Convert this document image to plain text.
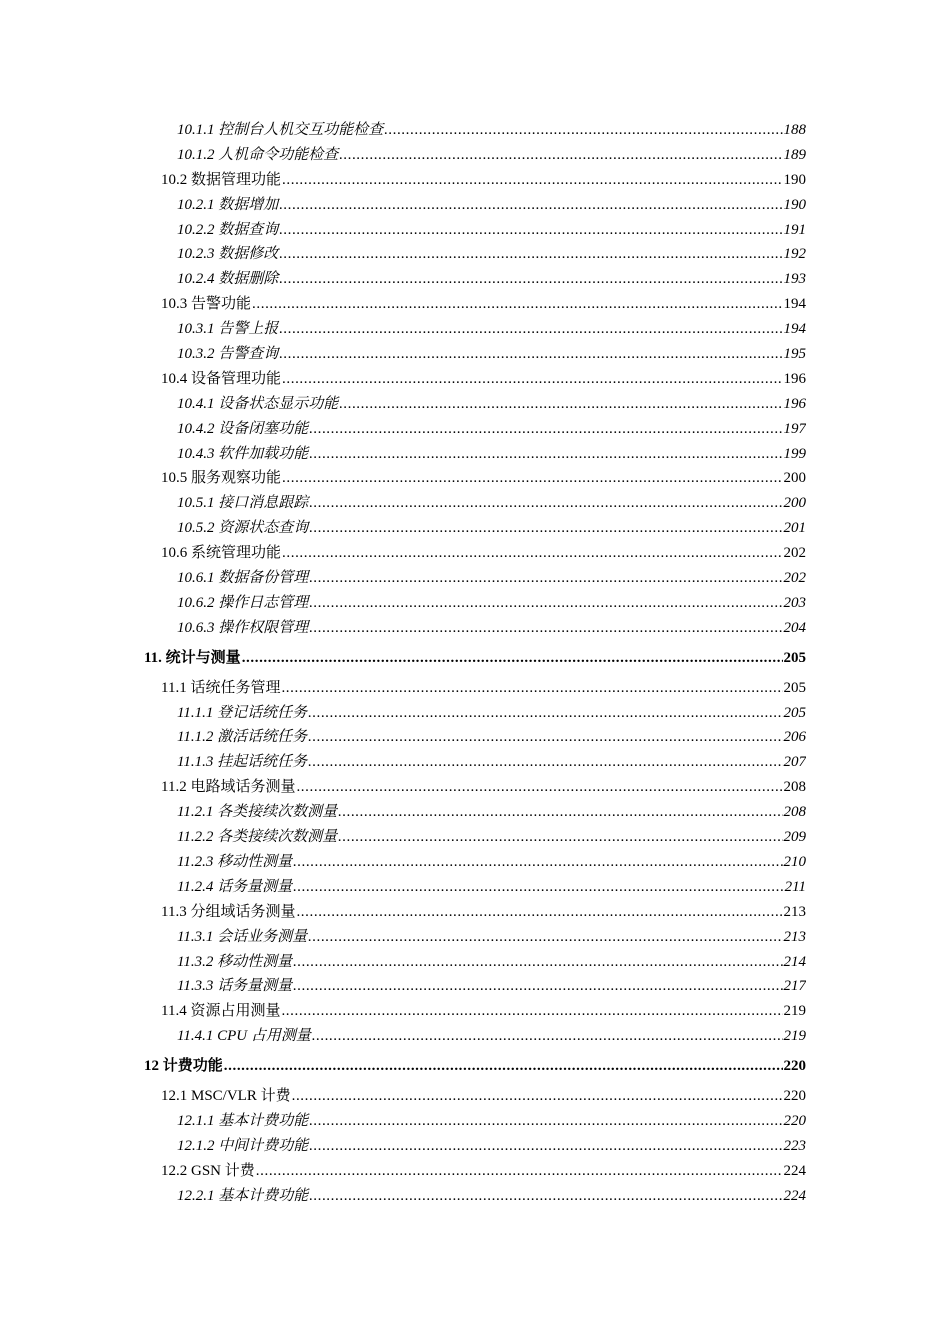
10.1.1 控制台人机交互功能检查 .....	188
10.1.2 人机命令功能检查 .....	189
10.2 数据管理功能 .....	190
10.2.1 数据增加 .....	190
10.2.2 数据查询 .....	191
10.2.3 数据修改 .....	192
10.2.4 数据删除 .....	193
10.3 告警功能 .....	194
10.3.1 告警上报 .....	194
10.3.2 告警查询 .....	195
10.4 设备管理功能 .....	196
10.4.1 设备状态显示功能 .....	196
10.4.2 设备闭塞功能 .....	197
10.4.3 软件加载功能 .....	199
10.5 服务观察功能 .....	200
10.5.1 接口消息跟踪 .....	200
10.5.2 资源状态查询 .....	201
10.6 系统管理功能 .....	202
10.6.1 数据备份管理 .....	202
10.6.2 操作日志管理 .....	203
10.6.3 操作权限管理 .....	204
11. 统计与测量 .....	205
11.1 话统任务管理 .....	205
11.1.1 登记话统任务 .....	205
11.1.2 激活话统任务 .....	206
11.1.3 挂起话统任务 .....	207
11.2 电路域话务测量 .....	208
11.2.1 各类接续次数测量 .....	208
11.2.2 各类接续次数测量 .....	209
11.2.3 移动性测量 .....	210
11.2.4 话务量测量 .....	211
11.3 分组域话务测量 .....	213
11.3.1 会话业务测量 .....	213
11.3.2 移动性测量 .....	214
11.3.3 话务量测量 .....	217
11.4 资源占用测量 .....	219
11.4.1 CPU 占用测量 .....	219
12 计费功能 .....	220
12.1 MSC/VLR 计费 .....	220
12.1.1 基本计费功能 .....	220
12.1.2 中间计费功能 .....	223
12.2 GSN 计费 .....	224
12.2.1 基本计费功能 .....	224
